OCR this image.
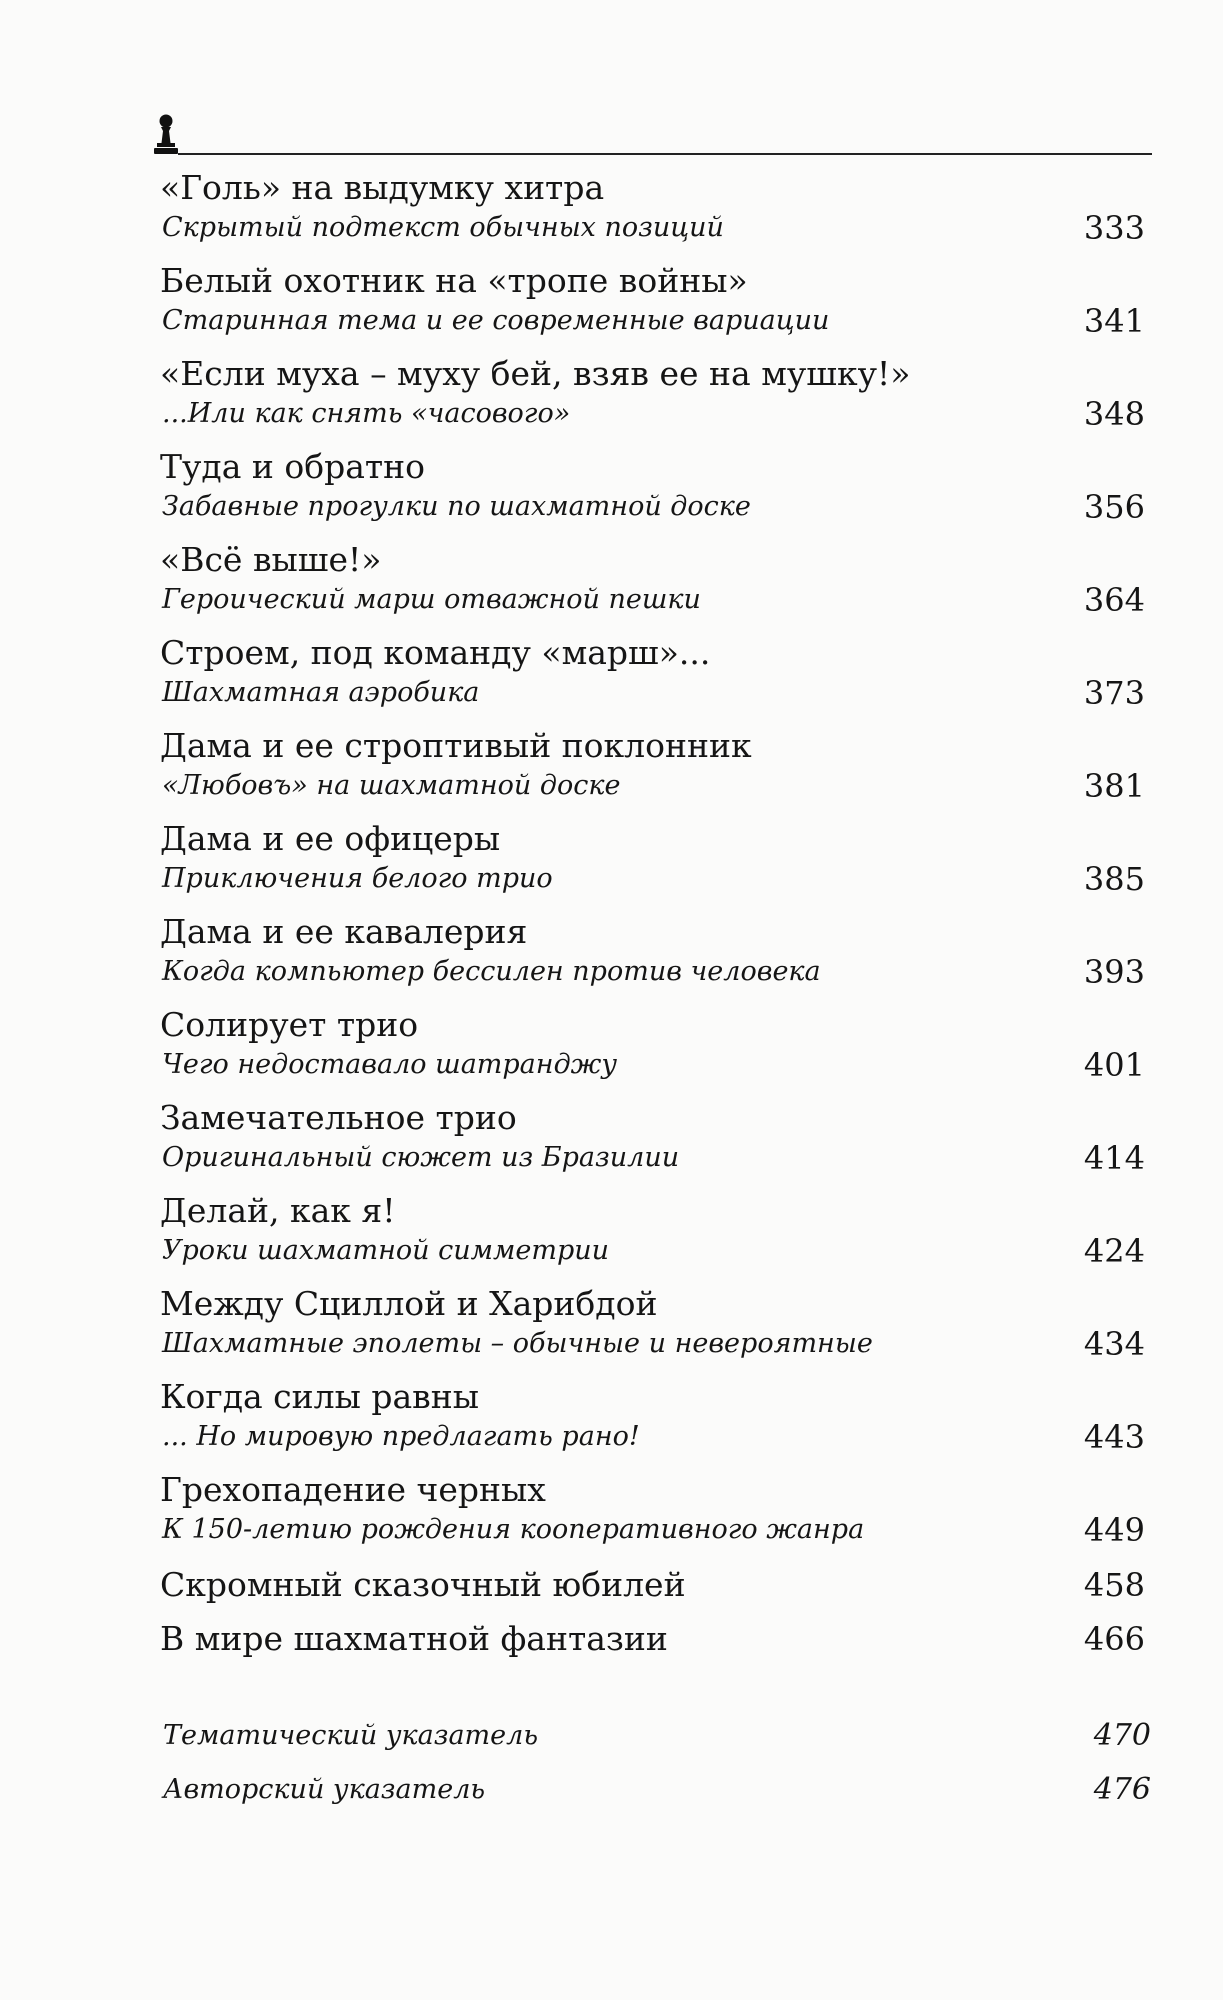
«Голь» на выдумку хитра
Скрытый подтекст обычных позиций	333
Белый охотник на «тропе войны»
Старинная тема и ее современные вариации	341
«Если муха – муху бей, взяв ее на мушку!»
...Или как снять «часового»	348
Туда и обратно
Забавные прогулки по шахматной доске	356
«Всё выше!»
Героический марш отважной пешки	364
Строем, под команду «марш»...
Шахматная аэробика	373
Дама и ее строптивый поклонник
«Любовъ» на шахматной доске	381
Дама и ее офицеры
Приключения белого трио	385
Дама и ее кавалерия
Когда компьютер бессилен против человека	393
Солирует трио
Чего недоставало шатранджу	401
Замечательное трио
Оригинальный сюжет из Бразилии	414
Делай, как я!
Уроки шахматной симметрии	424
Между Сциллой и Харибдой
Шахматные эполеты – обычные и невероятные	434
Когда силы равны
... Но мировую предлагать рано!	443
Грехопадение черных
К 150-летию рождения кооперативного жанра	449
Скромный сказочный юбилей	458
В мире шахматной фантазии	466
Тематический указатель	470
Авторский указатель	476
